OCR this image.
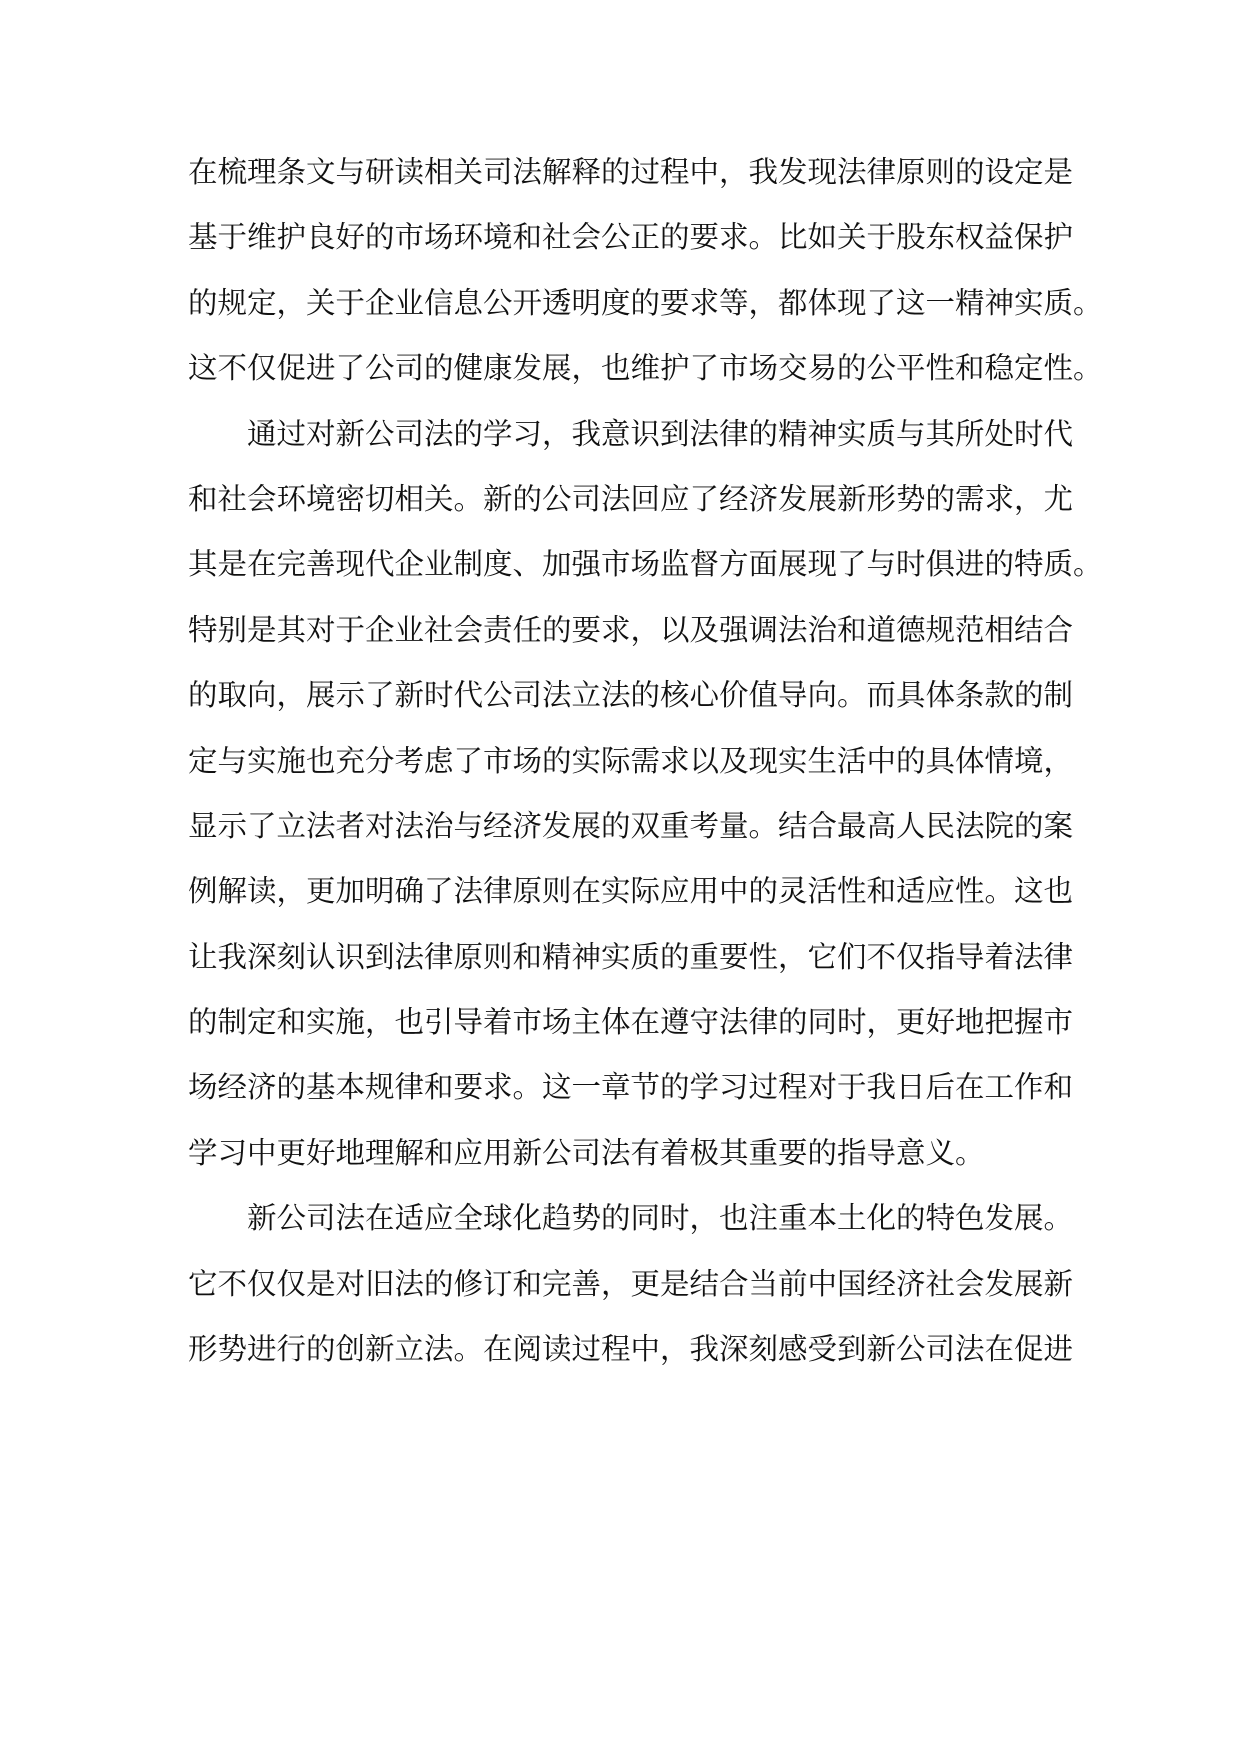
在梳理条文与研读相关司法解释的过程中，我发现法律原则的设定是
基于维护良好的市场环境和社会公正的要求。比如关于股东权益保护
的规定，关于企业信息公开透明度的要求等，都体现了这一精神实质。
这不仅促进了公司的健康发展，也维护了市场交易的公平性和稳定性。
通过对新公司法的学习，我意识到法律的精神实质与其所处时代
和社会环境密切相关。新的公司法回应了经济发展新形势的需求，尤
其是在完善现代企业制度、加强市场监督方面展现了与时俱进的特质。
特别是其对于企业社会责任的要求，以及强调法治和道德规范相结合
的取向，展示了新时代公司法立法的核心价值导向。而具体条款的制
定与实施也充分考虑了市场的实际需求以及现实生活中的具体情境，
显示了立法者对法治与经济发展的双重考量。结合最高人民法院的案
例解读，更加明确了法律原则在实际应用中的灵活性和适应性。这也
让我深刻认识到法律原则和精神实质的重要性，它们不仅指导着法律
的制定和实施，也引导着市场主体在遵守法律的同时，更好地把握市
场经济的基本规律和要求。这一章节的学习过程对于我日后在工作和
学习中更好地理解和应用新公司法有着极其重要的指导意义。
新公司法在适应全球化趋势的同时，也注重本土化的特色发展。
它不仅仅是对旧法的修订和完善，更是结合当前中国经济社会发展新
形势进行的创新立法。在阅读过程中，我深刻感受到新公司法在促进
